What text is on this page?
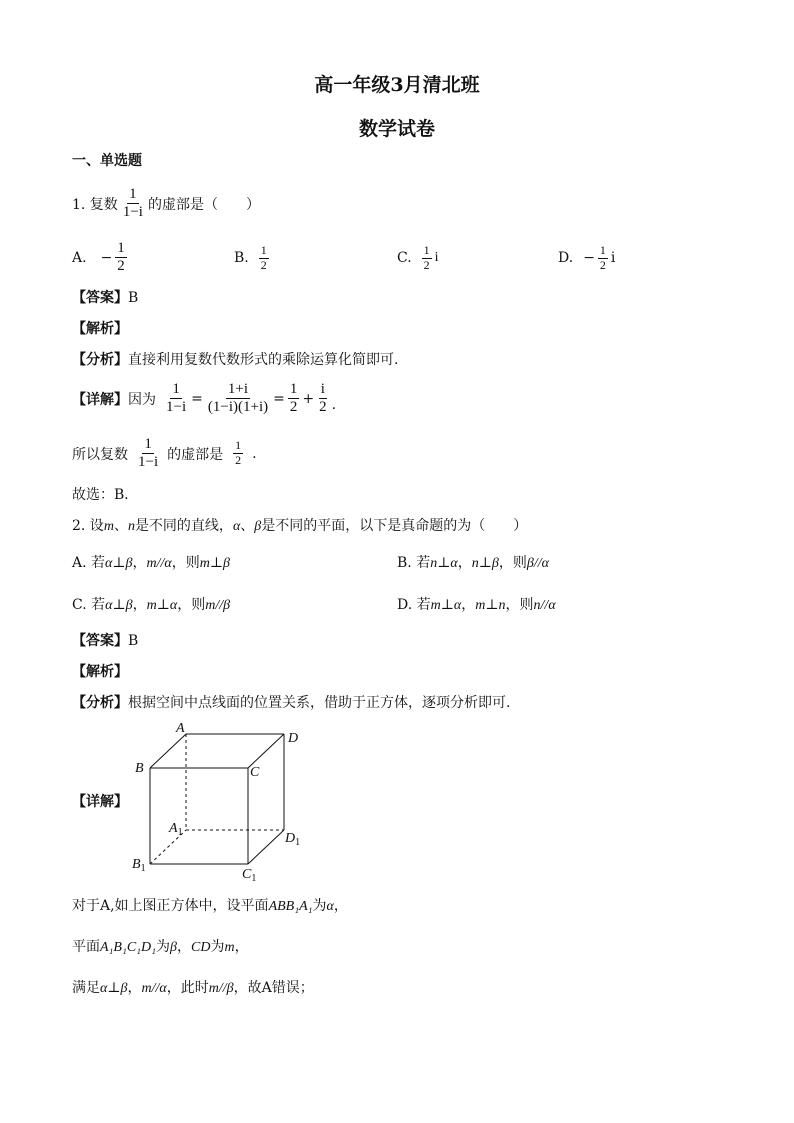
高一年级3月清北班
数学试卷
一、单选题
1. 复数 $\frac{1}{1-i}$ 的虚部是（　　）
A. − $\frac{1}{2}$	B. $\frac{1}{2}$	C. $\frac{1}{2}$ i	D. − $\frac{1}{2}$ i
【答案】B
【解析】
【分析】直接利用复数代数形式的乘除运算化简即可.
【详解】 因为 $\frac{1}{1-i} = \frac{1+i}{(1-i)(1+i)} = \frac{1}{2} + \frac{i}{2}$ .
所以复数 $\frac{1}{1-i}$ 的虚部是 $\frac{1}{2}$ .
故选：B．
2. 设m、n是不同的直线，α、β是不同的平面，以下是真命题的为（　　）
A. 若α⊥β，m//α，则m⊥β	B. 若n⊥α，n⊥β，则β//α
C. 若α⊥β，m⊥α，则m//β	D. 若m⊥α，m⊥n，则n//α
【答案】B
【解析】
【分析】根据空间中点线面的位置关系，借助于正方体，逐项分析即可.
【详解】
A
D
B	C
$A_1$	$D_1$
$B_1$	$C_1$
对于A,如上图正方体中，设平面ABB₁A₁为α，
平面A₁B₁C₁D₁为β，CD为m，
满足α⊥β，m//α，此时m//β，故A错误；
